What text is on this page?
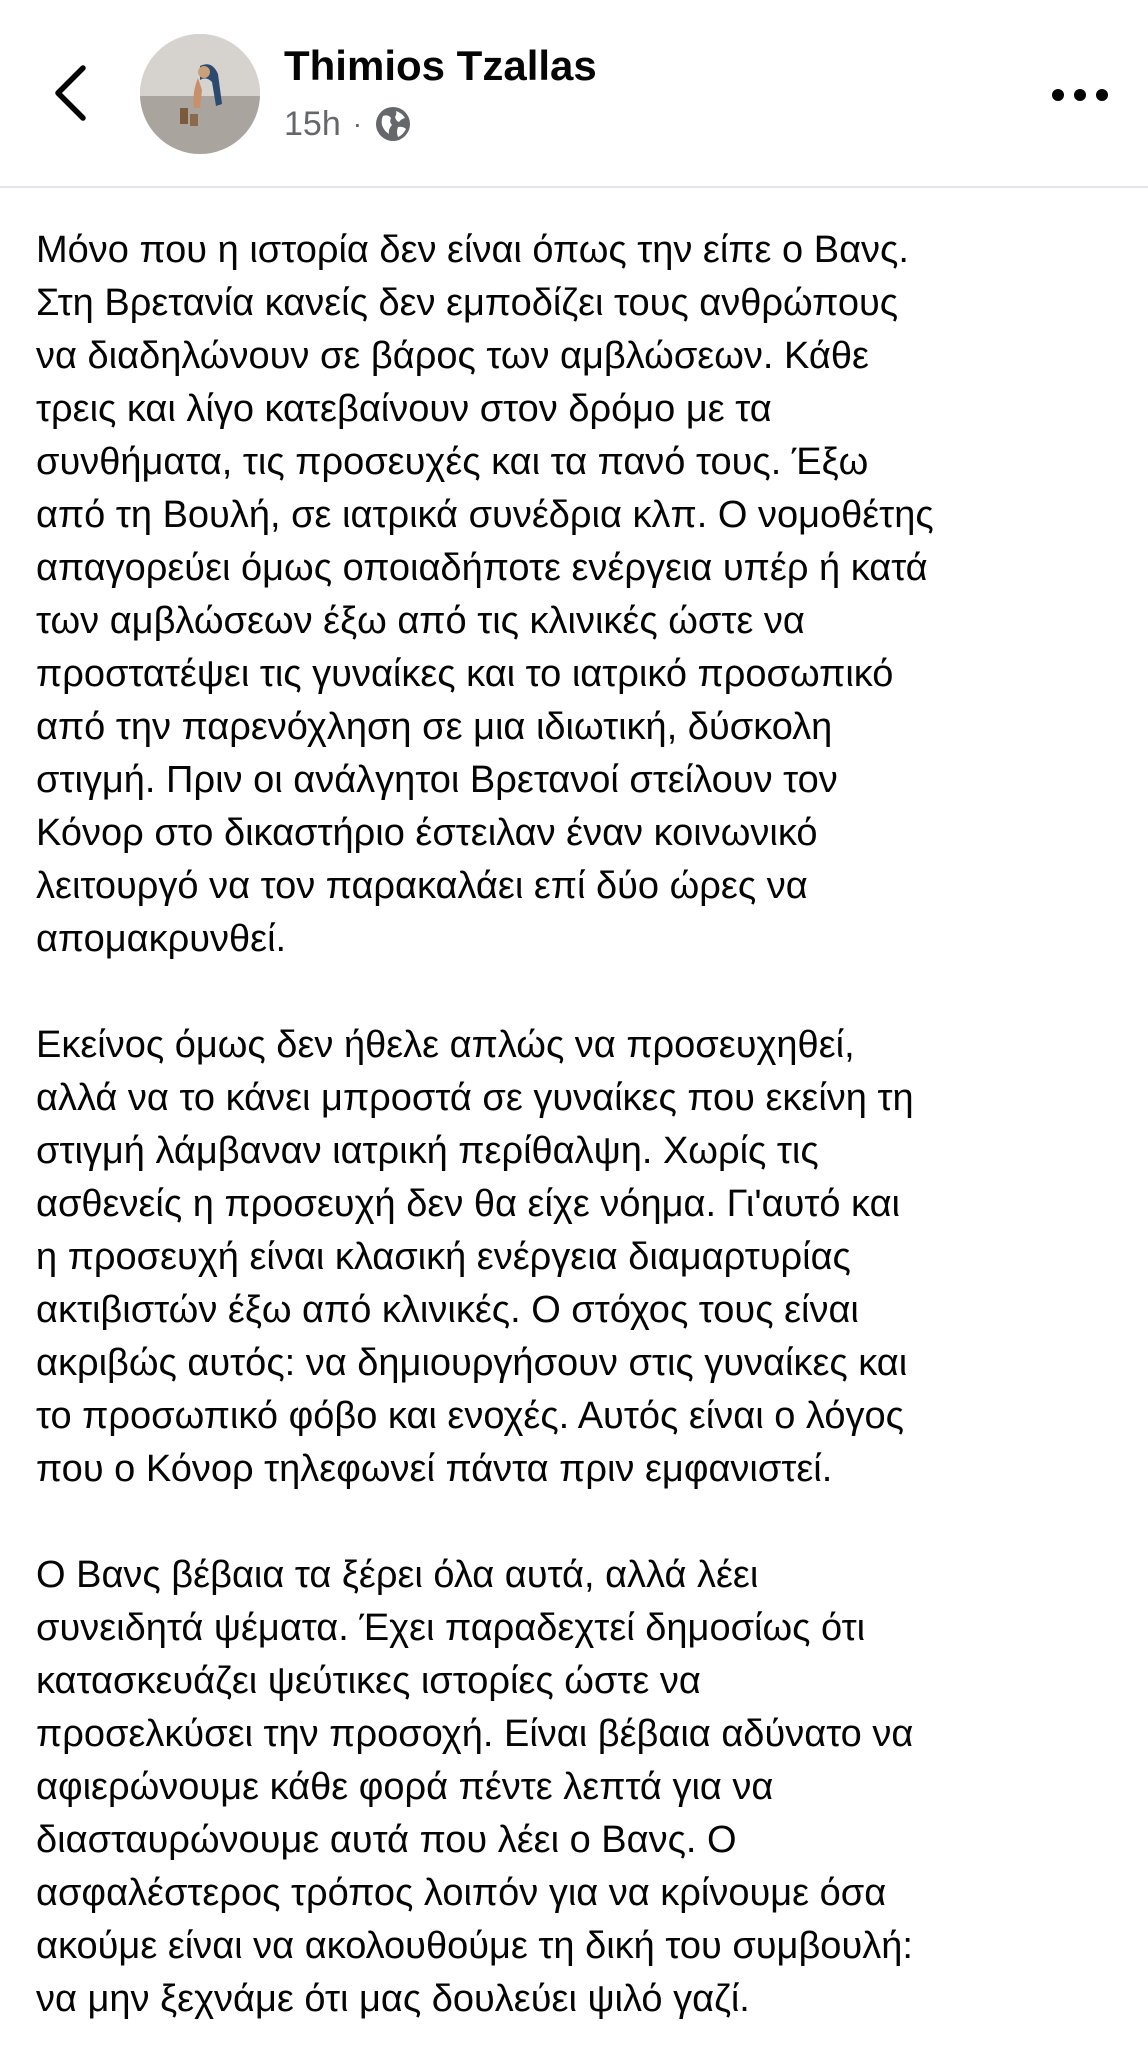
Thimios Tzallas
15h ·

Μόνο που η ιστορία δεν είναι όπως την είπε ο Βανς.
Στη Βρετανία κανείς δεν εμποδίζει τους ανθρώπους
να διαδηλώνουν σε βάρος των αμβλώσεων. Κάθε
τρεις και λίγο κατεβαίνουν στον δρόμο με τα
συνθήματα, τις προσευχές και τα πανό τους. Έξω
από τη Βουλή, σε ιατρικά συνέδρια κλπ. Ο νομοθέτης
απαγορεύει όμως οποιαδήποτε ενέργεια υπέρ ή κατά
των αμβλώσεων έξω από τις κλινικές ώστε να
προστατέψει τις γυναίκες και το ιατρικό προσωπικό
από την παρενόχληση σε μια ιδιωτική, δύσκολη
στιγμή. Πριν οι ανάλγητοι Βρετανοί στείλουν τον
Κόνορ στο δικαστήριο έστειλαν έναν κοινωνικό
λειτουργό να τον παρακαλάει επί δύο ώρες να
απομακρυνθεί.

Εκείνος όμως δεν ήθελε απλώς να προσευχηθεί,
αλλά να το κάνει μπροστά σε γυναίκες που εκείνη τη
στιγμή λάμβαναν ιατρική περίθαλψη. Χωρίς τις
ασθενείς η προσευχή δεν θα είχε νόημα. Γι'αυτό και
η προσευχή είναι κλασική ενέργεια διαμαρτυρίας
ακτιβιστών έξω από κλινικές. Ο στόχος τους είναι
ακριβώς αυτός: να δημιουργήσουν στις γυναίκες και
το προσωπικό φόβο και ενοχές. Αυτός είναι ο λόγος
που ο Κόνορ τηλεφωνεί πάντα πριν εμφανιστεί.

Ο Βανς βέβαια τα ξέρει όλα αυτά, αλλά λέει
συνειδητά ψέματα. Έχει παραδεχτεί δημοσίως ότι
κατασκευάζει ψεύτικες ιστορίες ώστε να
προσελκύσει την προσοχή. Είναι βέβαια αδύνατο να
αφιερώνουμε κάθε φορά πέντε λεπτά για να
διασταυρώνουμε αυτά που λέει ο Βανς. Ο
ασφαλέστερος τρόπος λοιπόν για να κρίνουμε όσα
ακούμε είναι να ακολουθούμε τη δική του συμβουλή:
να μην ξεχνάμε ότι μας δουλεύει ψιλό γαζί.
